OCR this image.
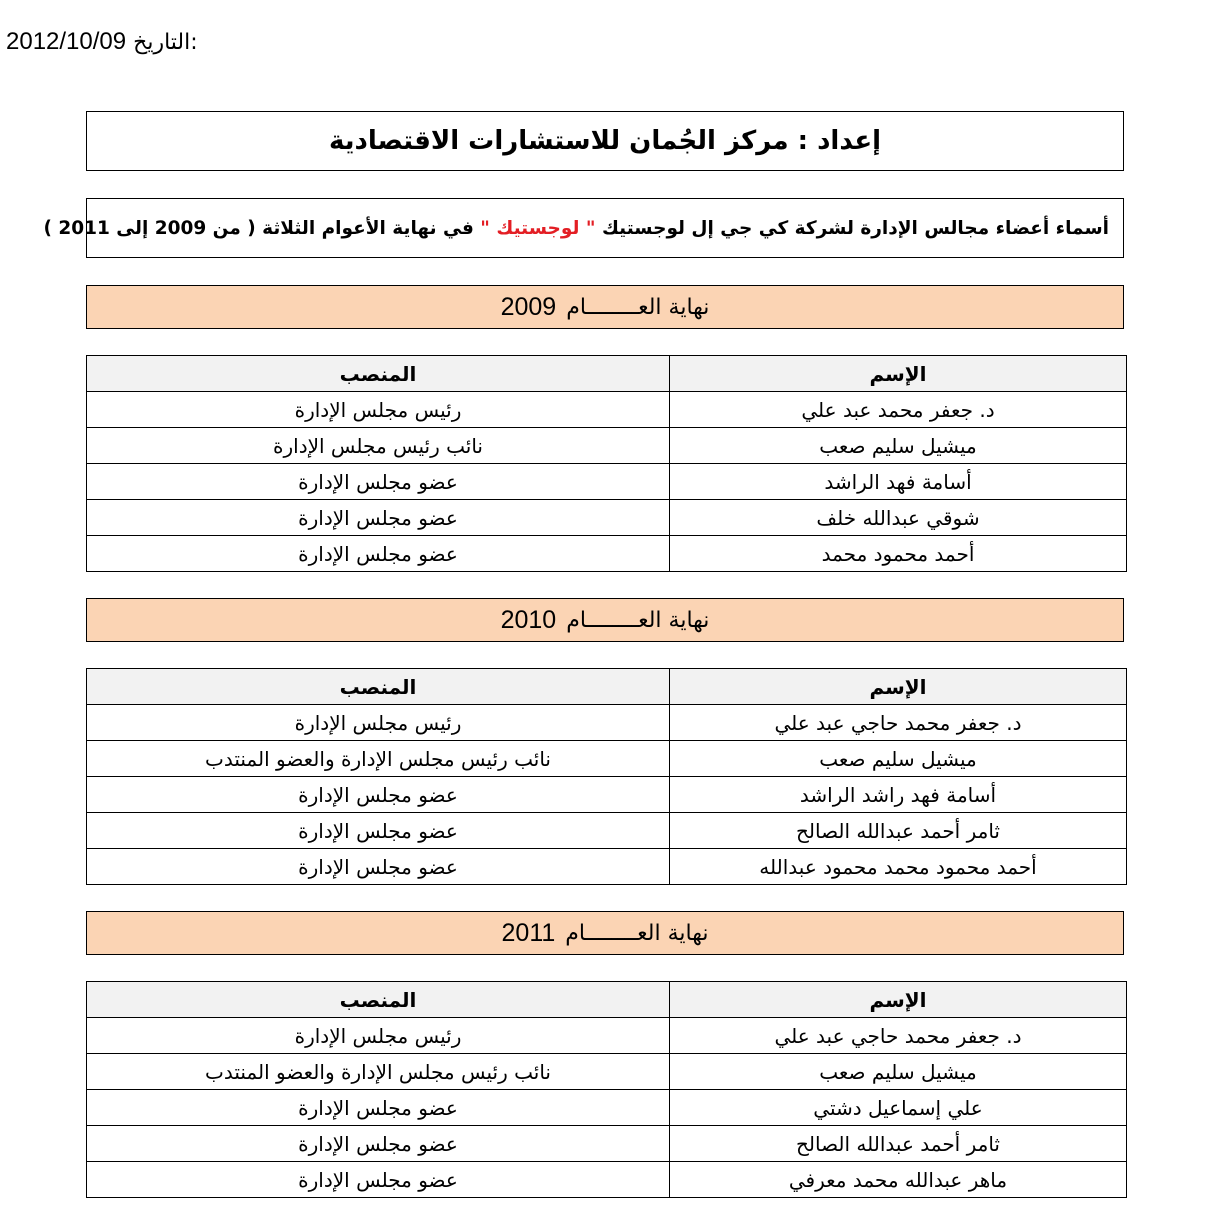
2012/10/09 التاريخ:
إعداد : مركز الجُمان للاستشارات الاقتصادية
أسماء أعضاء مجالس الإدارة لشركة كي جي إل لوجستيك " لوجستيك " في نهاية الأعوام الثلاثة ( من 2009 إلى 2011 )
نهاية العــــــــام
2009
الإسم	المنصب
د. جعفر محمد عبد علي	رئيس مجلس الإدارة
ميشيل سليم صعب	نائب رئيس مجلس الإدارة
أسامة فهد الراشد	عضو مجلس الإدارة
شوقي عبدالله خلف	عضو مجلس الإدارة
أحمد محمود محمد	عضو مجلس الإدارة
نهاية العــــــــام
2010
الإسم	المنصب
د. جعفر محمد حاجي عبد علي	رئيس مجلس الإدارة
ميشيل سليم صعب	نائب رئيس مجلس الإدارة والعضو المنتدب
أسامة فهد راشد الراشد	عضو مجلس الإدارة
ثامر أحمد عبدالله الصالح	عضو مجلس الإدارة
أحمد محمود محمد محمود عبدالله	عضو مجلس الإدارة
نهاية العــــــــام
2011
الإسم	المنصب
د. جعفر محمد حاجي عبد علي	رئيس مجلس الإدارة
ميشيل سليم صعب	نائب رئيس مجلس الإدارة والعضو المنتدب
علي إسماعيل دشتي	عضو مجلس الإدارة
ثامر أحمد عبدالله الصالح	عضو مجلس الإدارة
ماهر عبدالله محمد معرفي	عضو مجلس الإدارة
